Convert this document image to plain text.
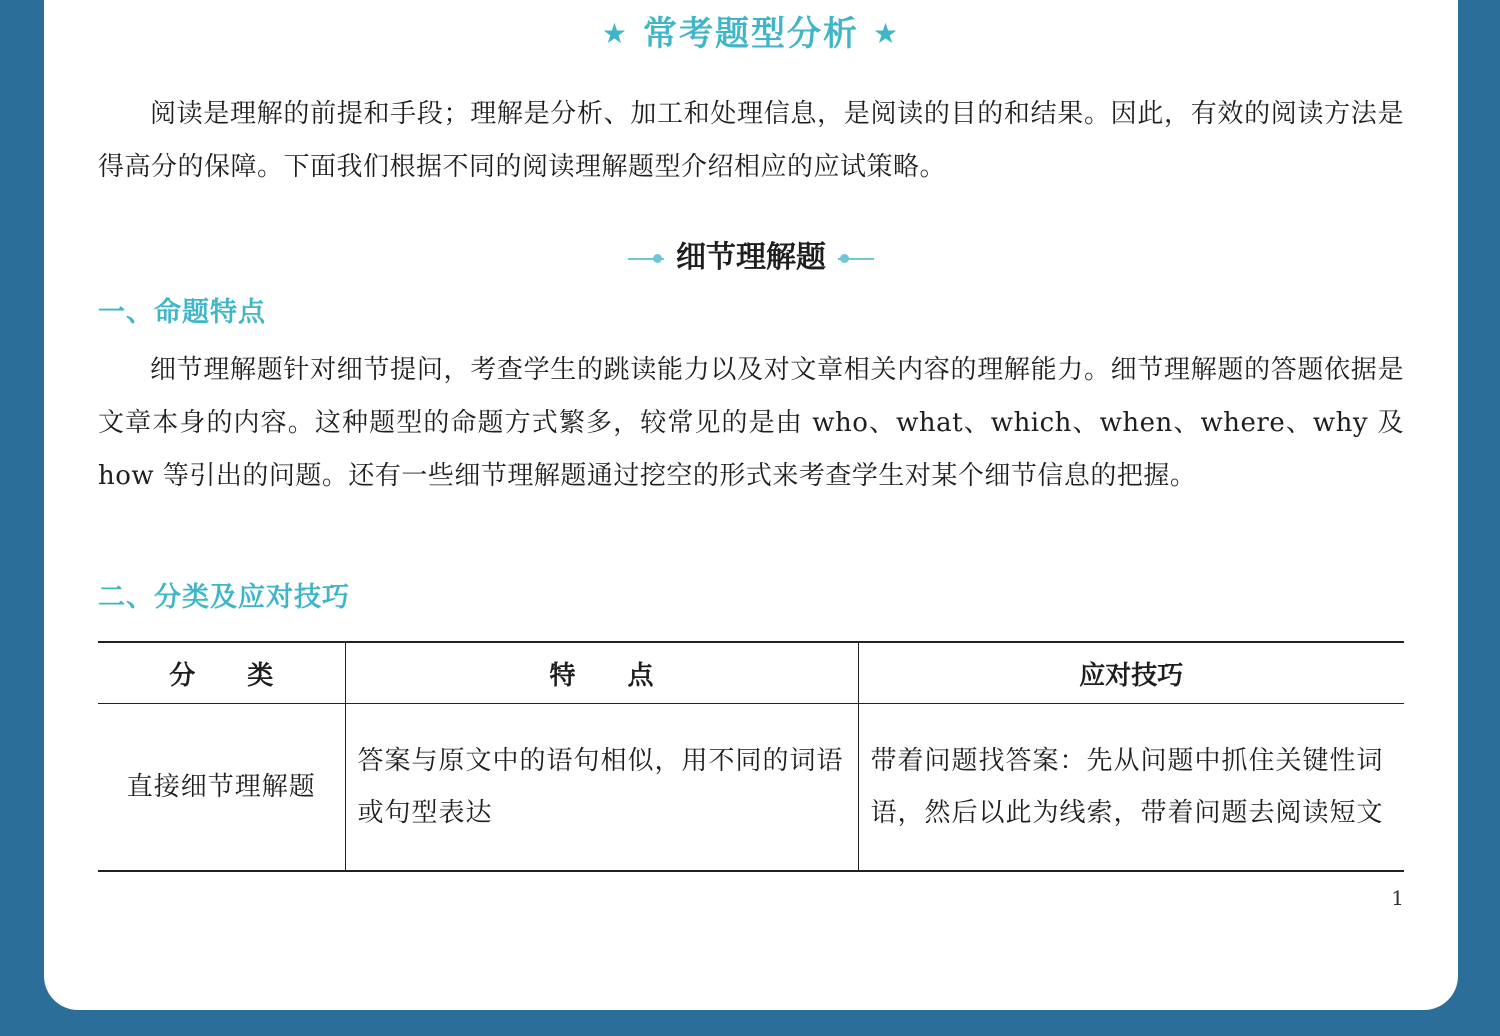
★ 常考题型分析 ★

阅读是理解的前提和手段；理解是分析、加工和处理信息，是阅读的目的和结果。因此，有效的阅读方法是得高分的保障。下面我们根据不同的阅读理解题型介绍相应的应试策略。

细节理解题
一、命题特点

细节理解题针对细节提问，考查学生的跳读能力以及对文章相关内容的理解能力。细节理解题的答题依据是文章本身的内容。这种题型的命题方式繁多，较常见的是由 who、what、which、when、where、why 及 how 等引出的问题。还有一些细节理解题通过挖空的形式来考查学生对某个细节信息的把握。

二、分类及应对技巧
分　　类	特　　点	应对技巧
直接细节理解题	答案与原文中的语句相似，用不同的词语或句型表达	带着问题找答案：先从问题中抓住关键性词语，然后以此为线索，带着问题去阅读短文
1
